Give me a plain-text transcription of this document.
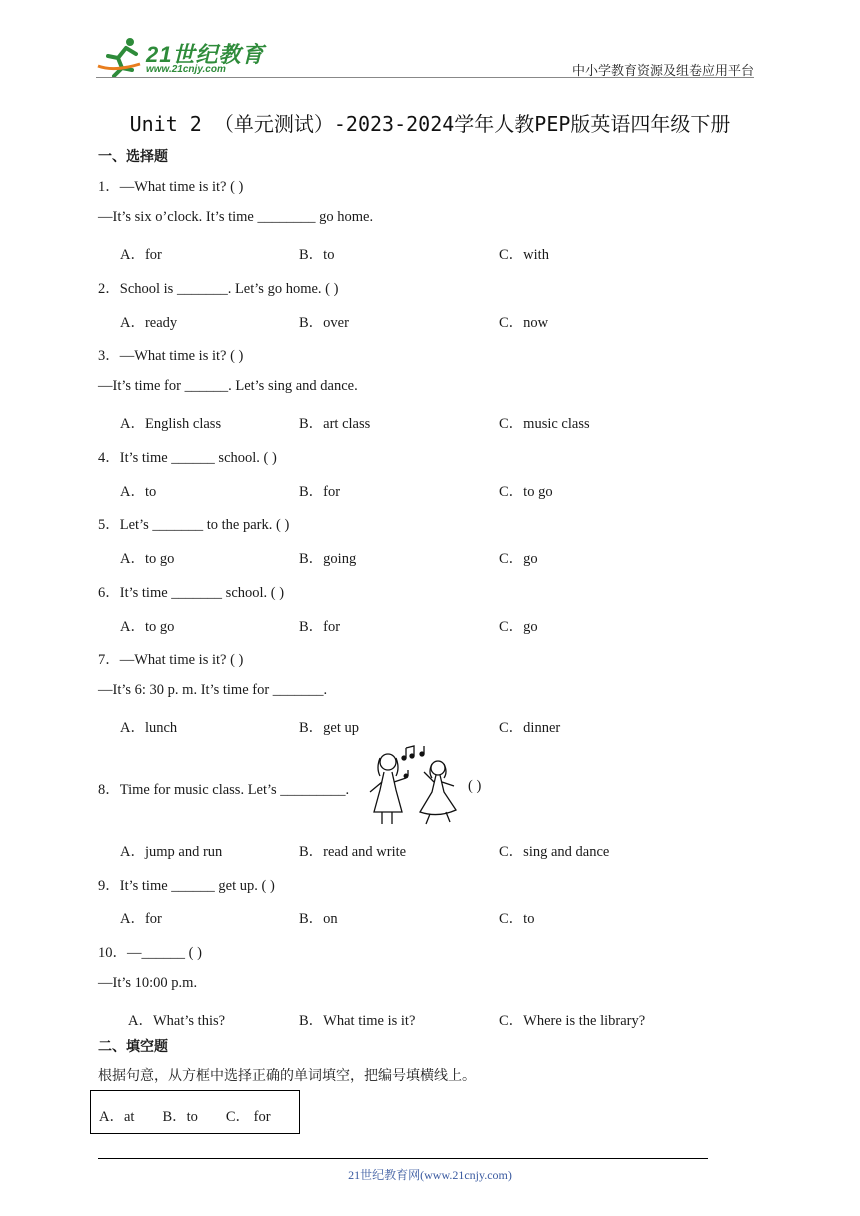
21世纪教育
www.21cnjy.com	中小学教育资源及组卷应用平台
Unit 2 （单元测试）-2023-2024学年人教PEP版英语四年级下册
一、选择题
1．—What time is it? ( )
—It’s six o’clock. It’s time ________ go home.
A．for	B．to	C．with
2．School is _______. Let’s go home. ( )
A．ready	B．over	C．now
3．—What time is it? ( )
—It’s time for ______. Let’s sing and dance.
A．English class	B．art class	C．music class
4．It’s time ______ school. ( )
A．to	B．for	C．to go
5．Let’s _______ to the park. ( )
A．to go	B．going	C．go
6．It’s time _______ school. ( )
A．to go	B．for	C．go
7．—What time is it? ( )
—It’s 6: 30 p. m. It’s time for _______.
A．lunch	B．get up	C．dinner
8．Time for music class. Let’s _________.	( )
A．jump and run	B．read and write	C．sing and dance
9．It’s time ______ get up. ( )
A．for	B．on	C．to
10．—______ ( )
—It’s 10:00 p.m.
A．What’s this?	B．What time is it?	C．Where is the library?
二、填空题
根据句意，从方框中选择正确的单词填空，把编号填横线上。
A．at B．to C． for
21世纪教育网(www.21cnjy.com)
